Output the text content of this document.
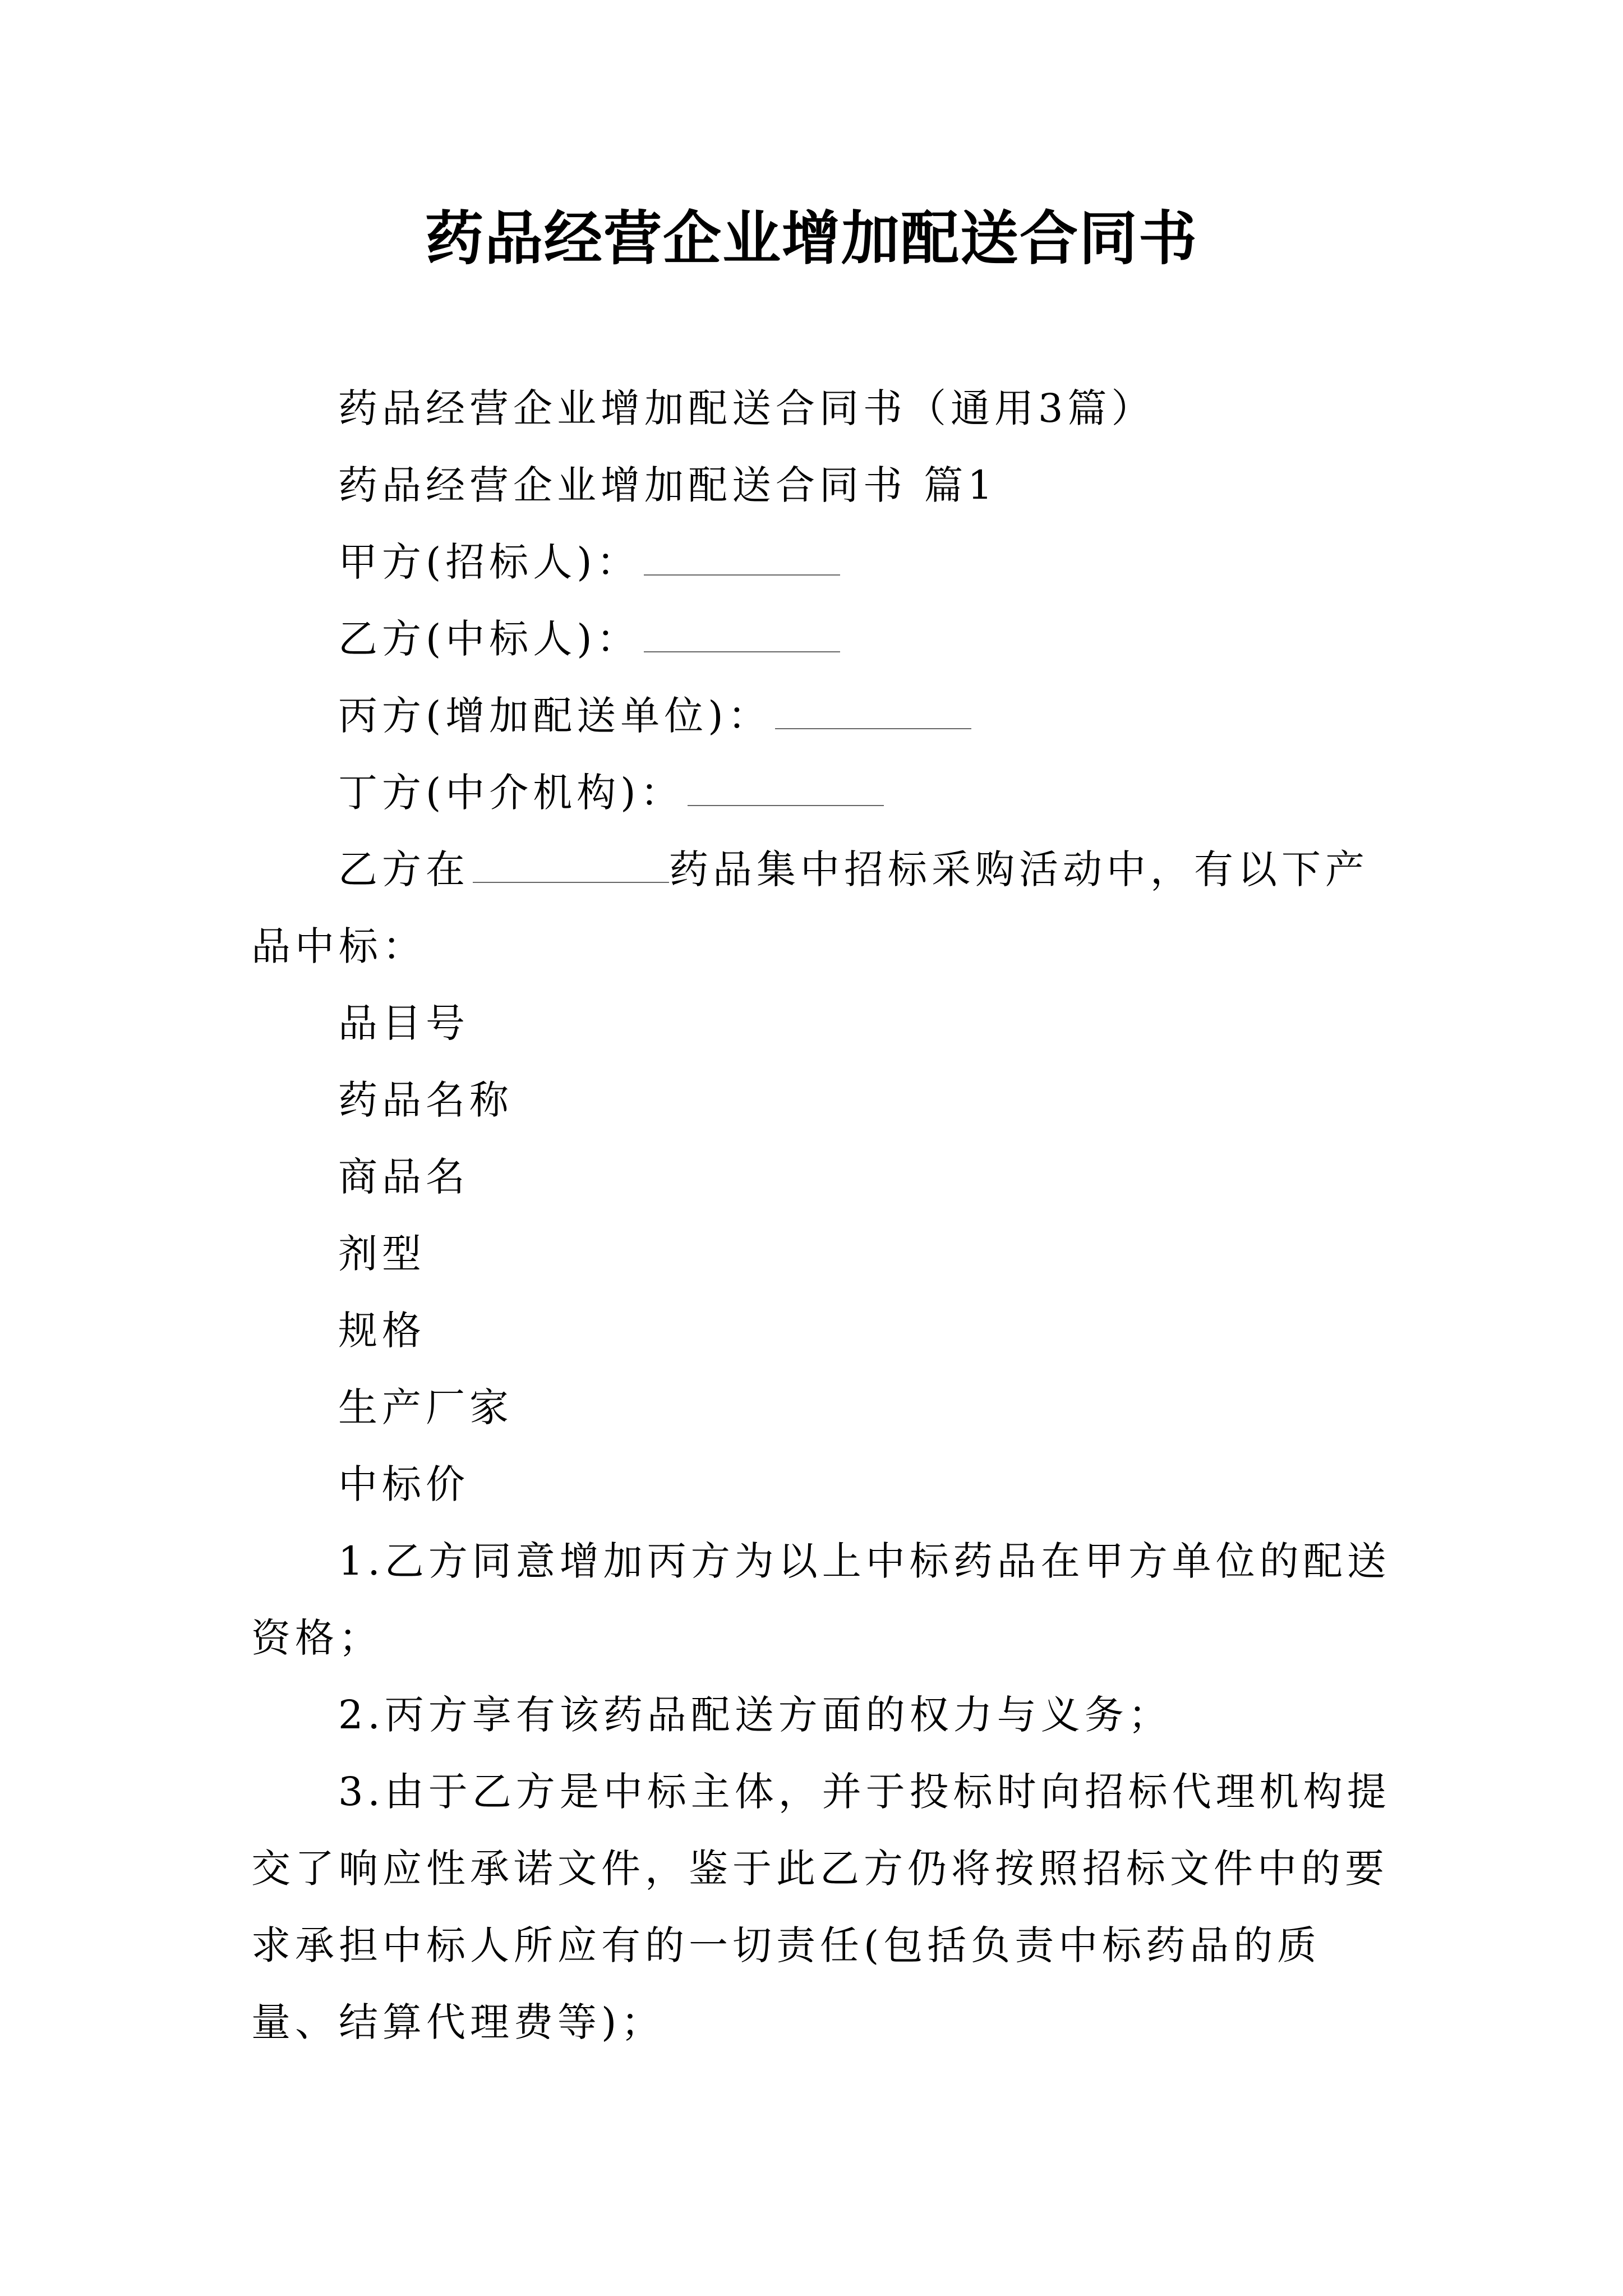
药品经营企业增加配送合同书

药品经营企业增加配送合同书（通用3篇）

药品经营企业增加配送合同书 篇1

甲方(招标人)：

乙方(中标人)：

丙方(增加配送单位)：

丁方(中介机构)：

乙方在	药品集中招标采购活动中，有以下产品中标：

品目号

药品名称

商品名

剂型

规格

生产厂家

中标价

1.乙方同意增加丙方为以上中标药品在甲方单位的配送资格；

2.丙方享有该药品配送方面的权力与义务；

3.由于乙方是中标主体，并于投标时向招标代理机构提交了响应性承诺文件，鉴于此乙方仍将按照招标文件中的要求承担中标人所应有的一切责任(包括负责中标药品的质量、结算代理费等)；
